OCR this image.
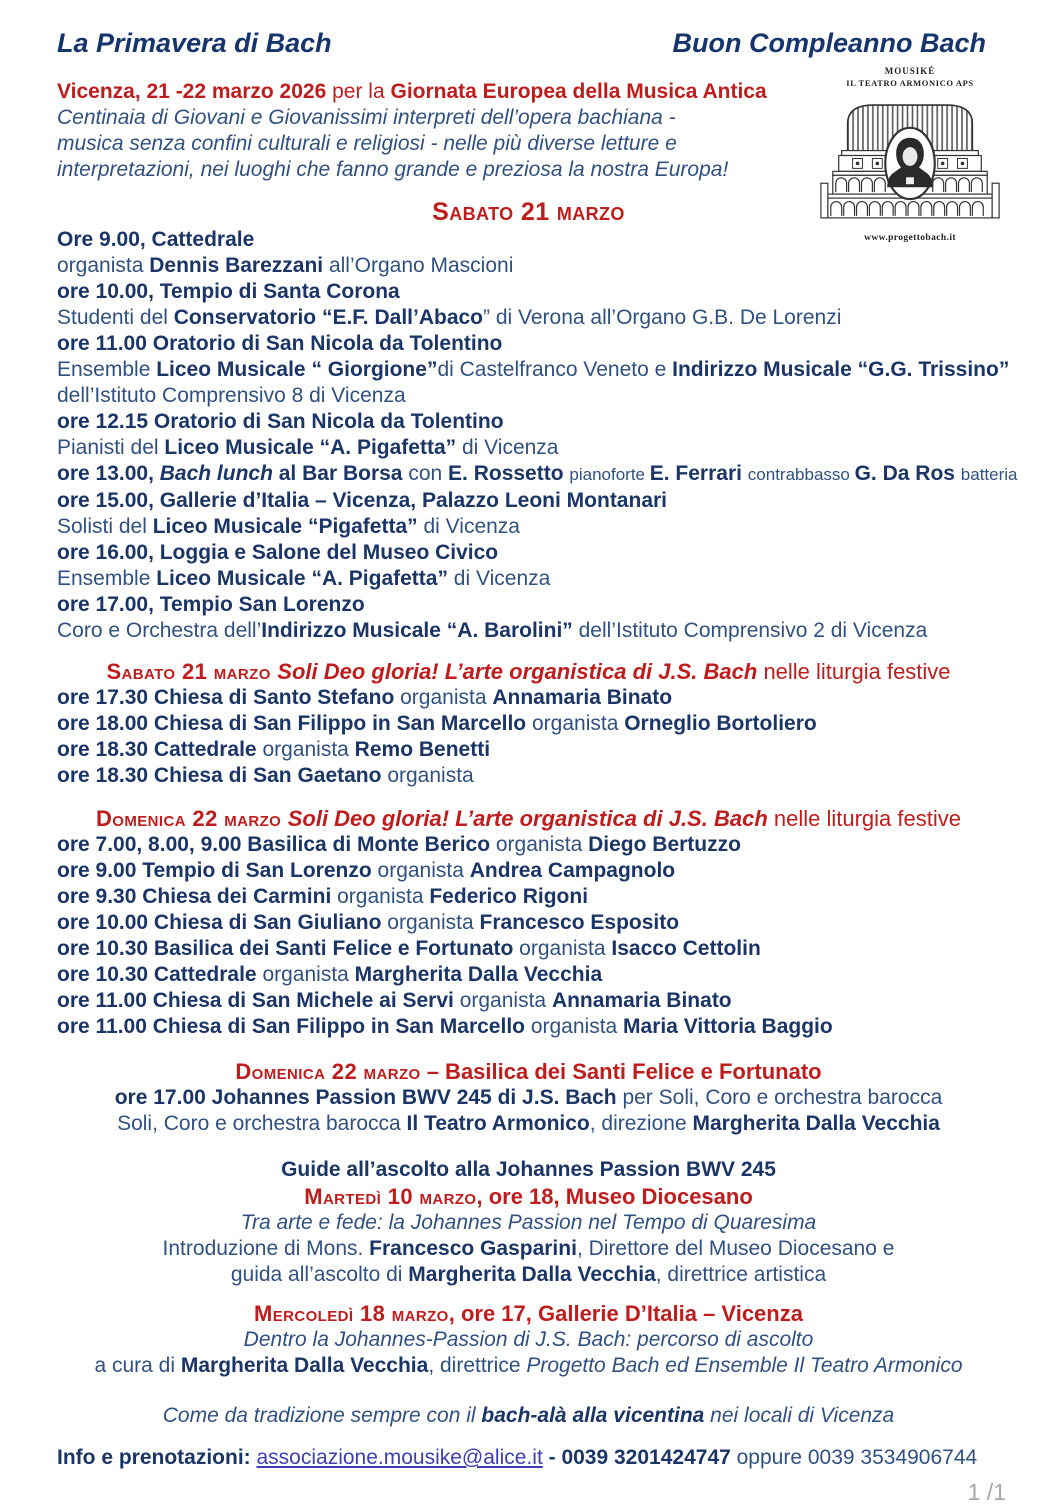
La Primavera di Bach	Buon Compleanno Bach
MOUSIKÉ
IL TEATRO ARMONICO APS
www.progettobach.it
Vicenza, 21 -22 marzo 2026 per la Giornata Europea della Musica Antica
Centinaia di Giovani e Giovanissimi interpreti dell’opera bachiana -
musica senza confini culturali e religiosi - nelle più diverse letture e
interpretazioni, nei luoghi che fanno grande e preziosa la nostra Europa!
Sabato 21 marzo
Ore 9.00, Cattedrale
organista Dennis Barezzani all’Organo Mascioni
ore 10.00, Tempio di Santa Corona
Studenti del Conservatorio “E.F. Dall’Abaco” di Verona all’Organo G.B. De Lorenzi
ore 11.00 Oratorio di San Nicola da Tolentino
Ensemble Liceo Musicale “ Giorgione”di Castelfranco Veneto e Indirizzo Musicale “G.G. Trissino”
dell’Istituto Comprensivo 8 di Vicenza
ore 12.15 Oratorio di San Nicola da Tolentino
Pianisti del Liceo Musicale “A. Pigafetta” di Vicenza
ore 13.00, Bach lunch al Bar Borsa con E. Rossetto pianoforte E. Ferrari contrabbasso G. Da Ros batteria
ore 15.00, Gallerie d’Italia – Vicenza, Palazzo Leoni Montanari
Solisti del Liceo Musicale “Pigafetta” di Vicenza
ore 16.00, Loggia e Salone del Museo Civico
Ensemble Liceo Musicale “A. Pigafetta” di Vicenza
ore 17.00, Tempio San Lorenzo
Coro e Orchestra dell’Indirizzo Musicale “A. Barolini” dell’Istituto Comprensivo 2 di Vicenza
Sabato 21 marzo Soli Deo gloria! L’arte organistica di J.S. Bach nelle liturgia festive
ore 17.30 Chiesa di Santo Stefano organista Annamaria Binato
ore 18.00 Chiesa di San Filippo in San Marcello organista Orneglio Bortoliero
ore 18.30 Cattedrale organista Remo Benetti
ore 18.30 Chiesa di San Gaetano organista
Domenica 22 marzo Soli Deo gloria! L’arte organistica di J.S. Bach nelle liturgia festive
ore 7.00, 8.00, 9.00 Basilica di Monte Berico organista Diego Bertuzzo
ore 9.00 Tempio di San Lorenzo organista Andrea Campagnolo
ore 9.30 Chiesa dei Carmini organista Federico Rigoni
ore 10.00 Chiesa di San Giuliano organista Francesco Esposito
ore 10.30 Basilica dei Santi Felice e Fortunato organista Isacco Cettolin
ore 10.30 Cattedrale organista Margherita Dalla Vecchia
ore 11.00 Chiesa di San Michele ai Servi organista Annamaria Binato
ore 11.00 Chiesa di San Filippo in San Marcello organista Maria Vittoria Baggio
Domenica 22 marzo – Basilica dei Santi Felice e Fortunato
ore 17.00 Johannes Passion BWV 245 di J.S. Bach per Soli, Coro e orchestra barocca
Soli, Coro e orchestra barocca Il Teatro Armonico, direzione Margherita Dalla Vecchia
Guide all’ascolto alla Johannes Passion BWV 245
Martedì 10 marzo, ore 18, Museo Diocesano
Tra arte e fede: la Johannes Passion nel Tempo di Quaresima
Introduzione di Mons. Francesco Gasparini, Direttore del Museo Diocesano e
guida all’ascolto di Margherita Dalla Vecchia, direttrice artistica
Mercoledì 18 marzo, ore 17, Gallerie D’Italia – Vicenza
Dentro la Johannes-Passion di J.S. Bach: percorso di ascolto
a cura di Margherita Dalla Vecchia, direttrice Progetto Bach ed Ensemble Il Teatro Armonico
Come da tradizione sempre con il bach-alà alla vicentina nei locali di Vicenza
Info e prenotazioni: associazione.mousike@alice.it - 0039 3201424747 oppure 0039 3534906744
1 /1
